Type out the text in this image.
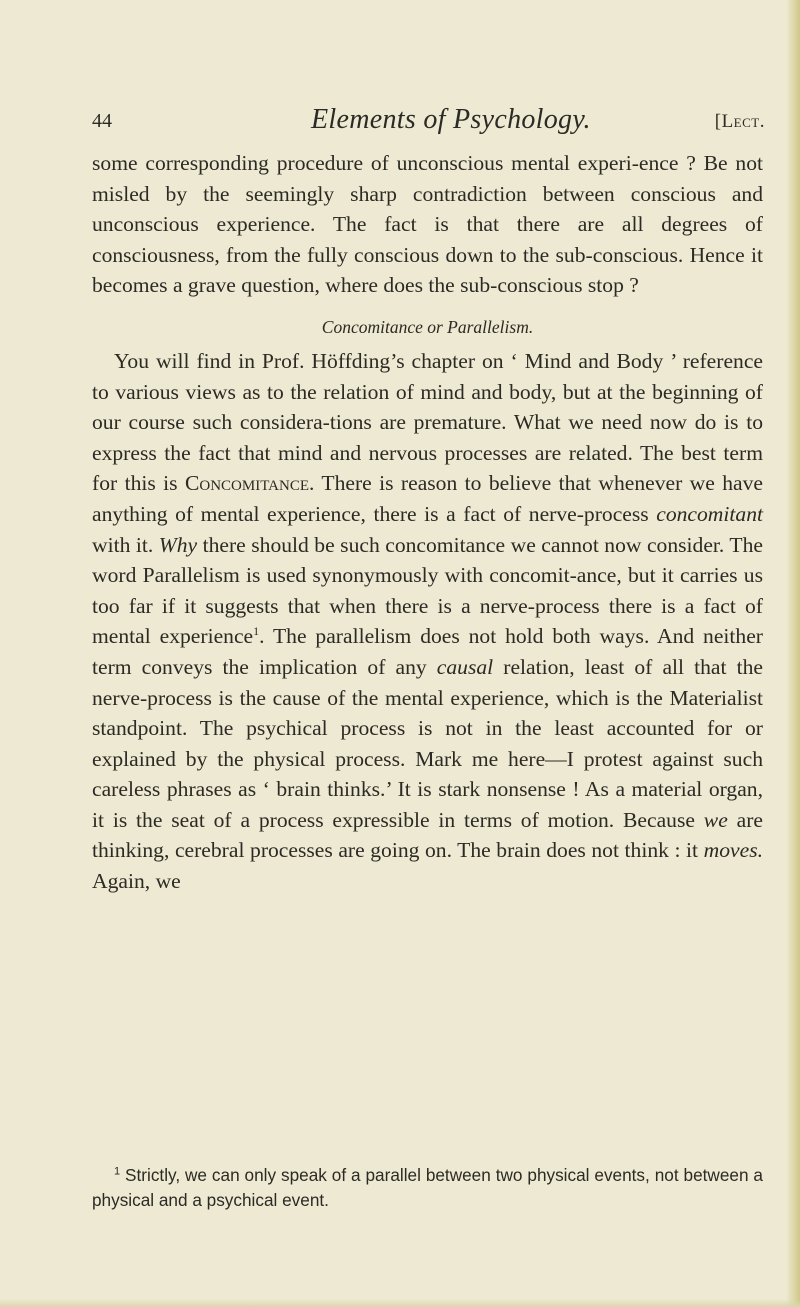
44	Elements of Psychology.	[Lect.

some corresponding procedure of unconscious mental experi-ence ? Be not misled by the seemingly sharp contradiction between conscious and unconscious experience. The fact is that there are all degrees of consciousness, from the fully conscious down to the sub-conscious. Hence it becomes a grave question, where does the sub-conscious stop ?

Concomitance or Parallelism.

You will find in Prof. Höffding’s chapter on ‘ Mind and Body ’ reference to various views as to the relation of mind and body, but at the beginning of our course such considera-tions are premature. What we need now do is to express the fact that mind and nervous processes are related. The best term for this is Concomitance. There is reason to believe that whenever we have anything of mental experience, there is a fact of nerve-process concomitant with it. Why there should be such concomitance we cannot now consider. The word Parallelism is used synonymously with concomit-ance, but it carries us too far if it suggests that when there is a nerve-process there is a fact of mental experience$^1$. The parallelism does not hold both ways. And neither term conveys the implication of any causal relation, least of all that the nerve-process is the cause of the mental experience, which is the Materialist standpoint. The psychical process is not in the least accounted for or explained by the physical process. Mark me here—I protest against such careless phrases as ‘ brain thinks.’ It is stark nonsense ! As a material organ, it is the seat of a process expressible in terms of motion. Because we are thinking, cerebral processes are going on. The brain does not think : it moves. Again, we

$^1$ Strictly, we can only speak of a parallel between two physical events, not between a physical and a psychical event.
